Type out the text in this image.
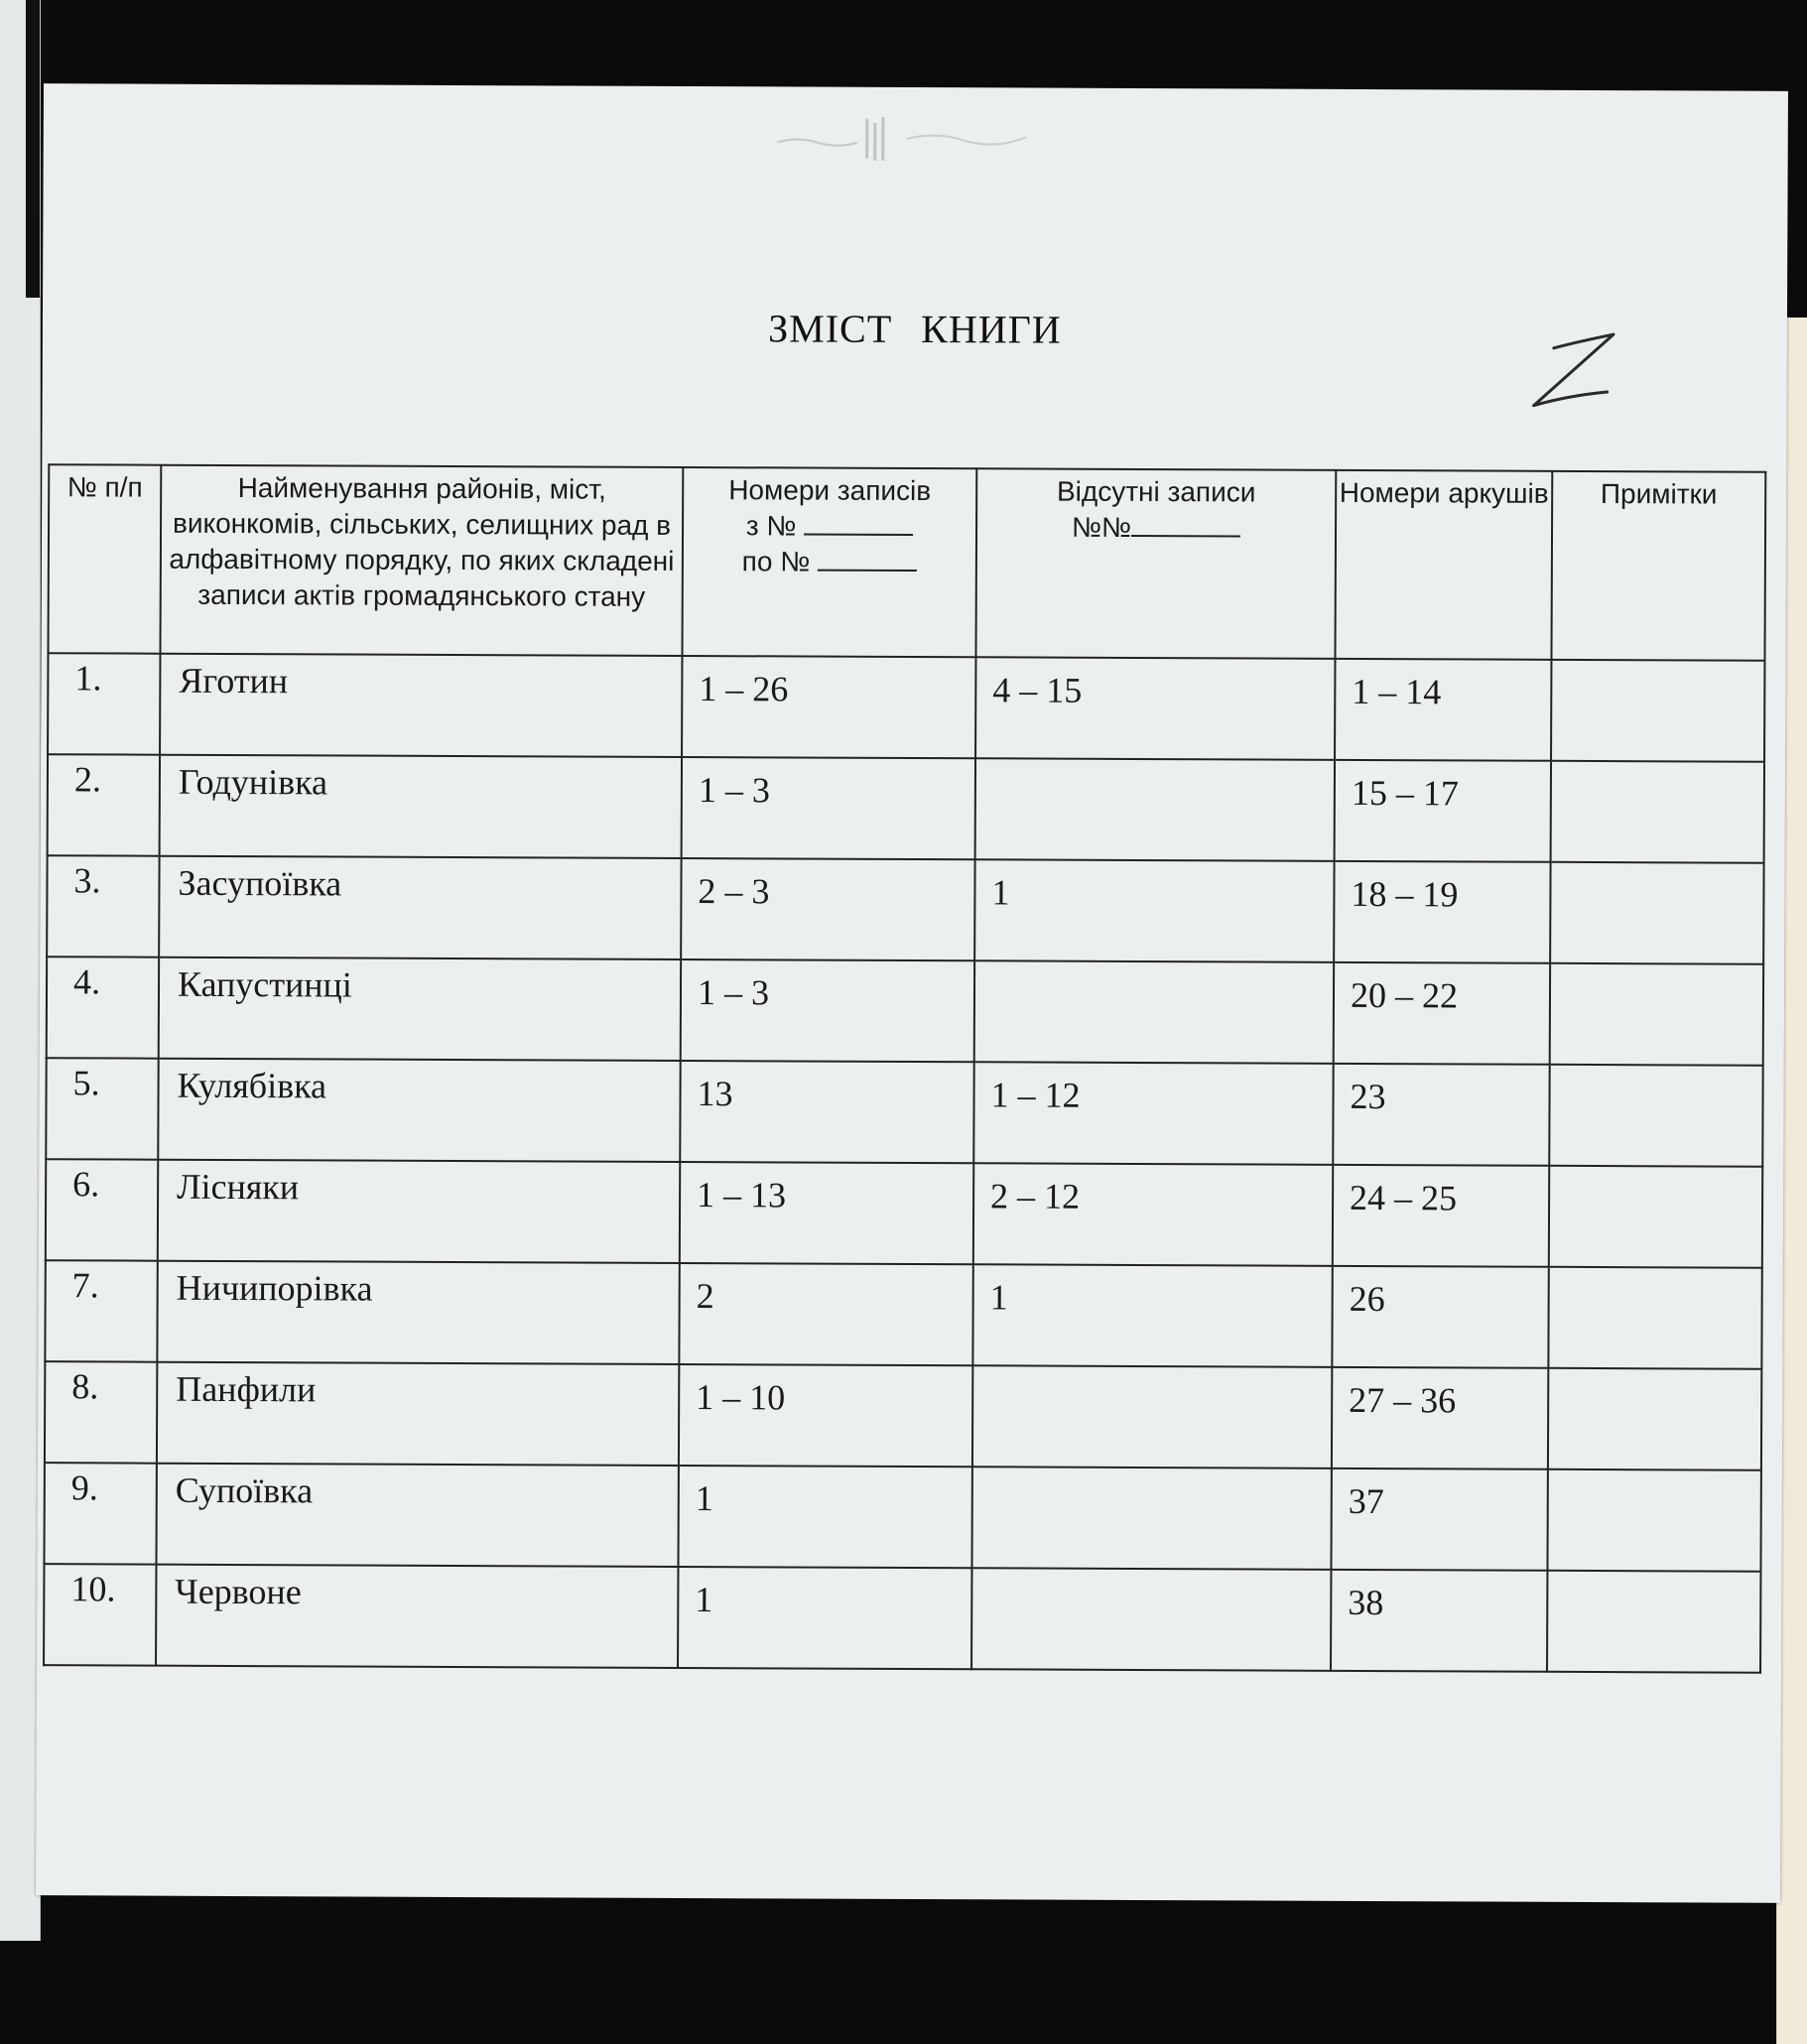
ЗМІСТ КНИГИ
№ п/п	Найменування районів, міст, виконкомів, сільських, селищних рад в алфавітному порядку, по яких складені записи актів громадянського стану	Номери записів
з №
по №	Відсутні записи
№№	Номери аркушів	Примітки
1.	Яготин	1 – 26	4 – 15	1 – 14	
2.	Годунівка	1 – 3		15 – 17	
3.	Засупоївка	2 – 3	1	18 – 19	
4.	Капустинці	1 – 3		20 – 22	
5.	Кулябівка	13	1 – 12	23	
6.	Лісняки	1 – 13	2 – 12	24 – 25	
7.	Ничипорівка	2	1	26	
8.	Панфили	1 – 10		27 – 36	
9.	Супоївка	1		37	
10.	Червоне	1		38	
